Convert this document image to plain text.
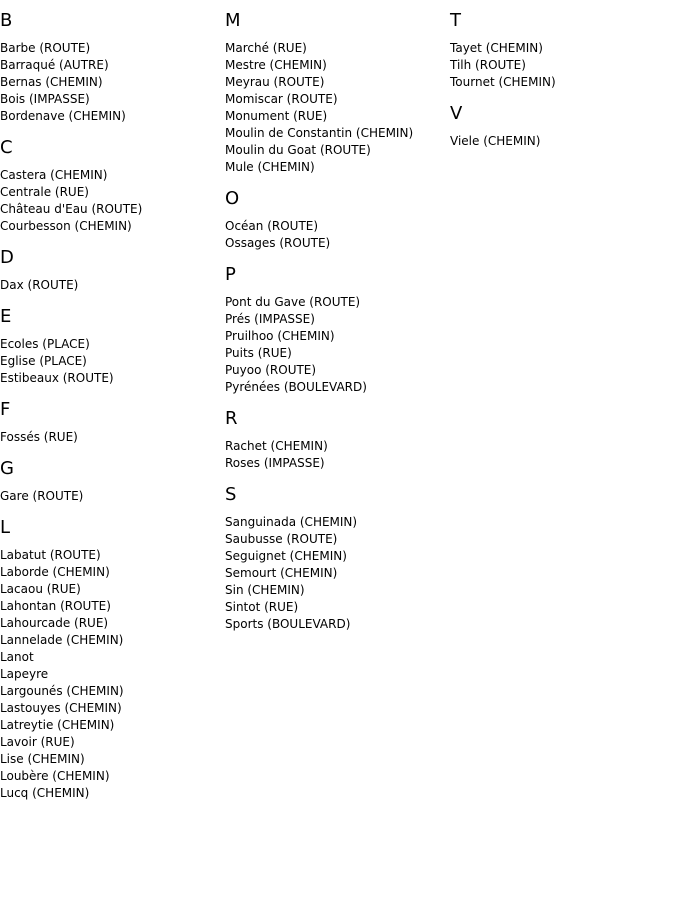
B
Barbe (ROUTE)
Barraqué (AUTRE)
Bernas (CHEMIN)
Bois (IMPASSE)
Bordenave (CHEMIN)
C
Castera (CHEMIN)
Centrale (RUE)
Château d'Eau (ROUTE)
Courbesson (CHEMIN)
D
Dax (ROUTE)
E
Ecoles (PLACE)
Eglise (PLACE)
Estibeaux (ROUTE)
F
Fossés (RUE)
G
Gare (ROUTE)
L
Labatut (ROUTE)
Laborde (CHEMIN)
Lacaou (RUE)
Lahontan (ROUTE)
Lahourcade (RUE)
Lannelade (CHEMIN)
Lanot
Lapeyre
Largounés (CHEMIN)
Lastouyes (CHEMIN)
Latreytie (CHEMIN)
Lavoir (RUE)
Lise (CHEMIN)
Loubère (CHEMIN)
Lucq (CHEMIN)
M
Marché (RUE)
Mestre (CHEMIN)
Meyrau (ROUTE)
Momiscar (ROUTE)
Monument (RUE)
Moulin de Constantin (CHEMIN)
Moulin du Goat (ROUTE)
Mule (CHEMIN)
O
Océan (ROUTE)
Ossages (ROUTE)
P
Pont du Gave (ROUTE)
Prés (IMPASSE)
Pruilhoo (CHEMIN)
Puits (RUE)
Puyoo (ROUTE)
Pyrénées (BOULEVARD)
R
Rachet (CHEMIN)
Roses (IMPASSE)
S
Sanguinada (CHEMIN)
Saubusse (ROUTE)
Seguignet (CHEMIN)
Semourt (CHEMIN)
Sin (CHEMIN)
Sintot (RUE)
Sports (BOULEVARD)
T
Tayet (CHEMIN)
Tilh (ROUTE)
Tournet (CHEMIN)
V
Viele (CHEMIN)
